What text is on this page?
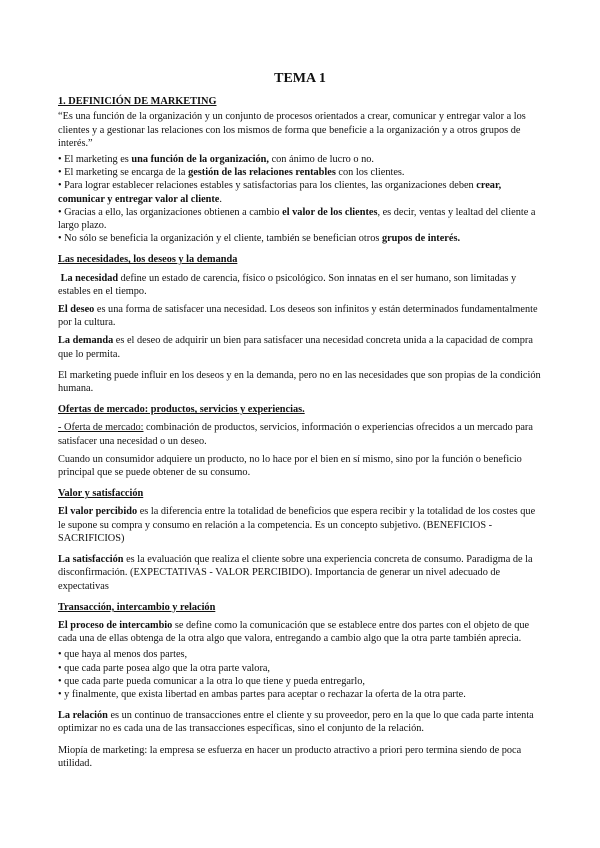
TEMA 1
1. DEFINICIÓN DE MARKETING

“Es una función de la organización y un conjunto de procesos orientados a crear, comunicar y entregar valor a los clientes y a gestionar las relaciones con los mismos de forma que beneficie a la organización y a otros grupos de interés.”

• El marketing es una función de la organización, con ánimo de lucro o no.
• El marketing se encarga de la gestión de las relaciones rentables con los clientes.
• Para lograr establecer relaciones estables y satisfactorias para los clientes, las organizaciones deben crear, comunicar y entregar valor al cliente.
• Gracias a ello, las organizaciones obtienen a cambio el valor de los clientes, es decir, ventas y lealtad del cliente a largo plazo.
• No sólo se beneficia la organización y el cliente, también se benefician otros grupos de interés.
Las necesidades, los deseos y la demanda

La necesidad define un estado de carencia, físico o psicológico. Son innatas en el ser humano, son limitadas y estables en el tiempo.

El deseo es una forma de satisfacer una necesidad. Los deseos son infinitos y están determinados fundamentalmente por la cultura.

La demanda es el deseo de adquirir un bien para satisfacer una necesidad concreta unida a la capacidad de compra que lo permita.

El marketing puede influir en los deseos y en la demanda, pero no en las necesidades que son propias de la condición humana.

Ofertas de mercado: productos, servicios y experiencias.

- Oferta de mercado: combinación de productos, servicios, información o experiencias ofrecidos a un mercado para satisfacer una necesidad o un deseo.

Cuando un consumidor adquiere un producto, no lo hace por el bien en sí mismo, sino por la función o beneficio principal que se puede obtener de su consumo.

Valor y satisfacción

El valor percibido es la diferencia entre la totalidad de beneficios que espera recibir y la totalidad de los costes que le supone su compra y consumo en relación a la competencia. Es un concepto subjetivo. (BENEFICIOS - SACRIFICIOS)

La satisfacción es la evaluación que realiza el cliente sobre una experiencia concreta de consumo. Paradigma de la disconfirmación. (EXPECTATIVAS - VALOR PERCIBIDO). Importancia de generar un nivel adecuado de expectativas

Transacción, intercambio y relación

El proceso de intercambio se define como la comunicación que se establece entre dos partes con el objeto de que cada una de ellas obtenga de la otra algo que valora, entregando a cambio algo que la otra parte también aprecia.

• que haya al menos dos partes,
• que cada parte posea algo que la otra parte valora,
• que cada parte pueda comunicar a la otra lo que tiene y pueda entregarlo,
• y finalmente, que exista libertad en ambas partes para aceptar o rechazar la oferta de la otra parte.

La relación es un continuo de transacciones entre el cliente y su proveedor, pero en la que lo que cada parte intenta optimizar no es cada una de las transacciones específicas, sino el conjunto de la relación.

Miopía de marketing: la empresa se esfuerza en hacer un producto atractivo a priori pero termina siendo de poca utilidad.
